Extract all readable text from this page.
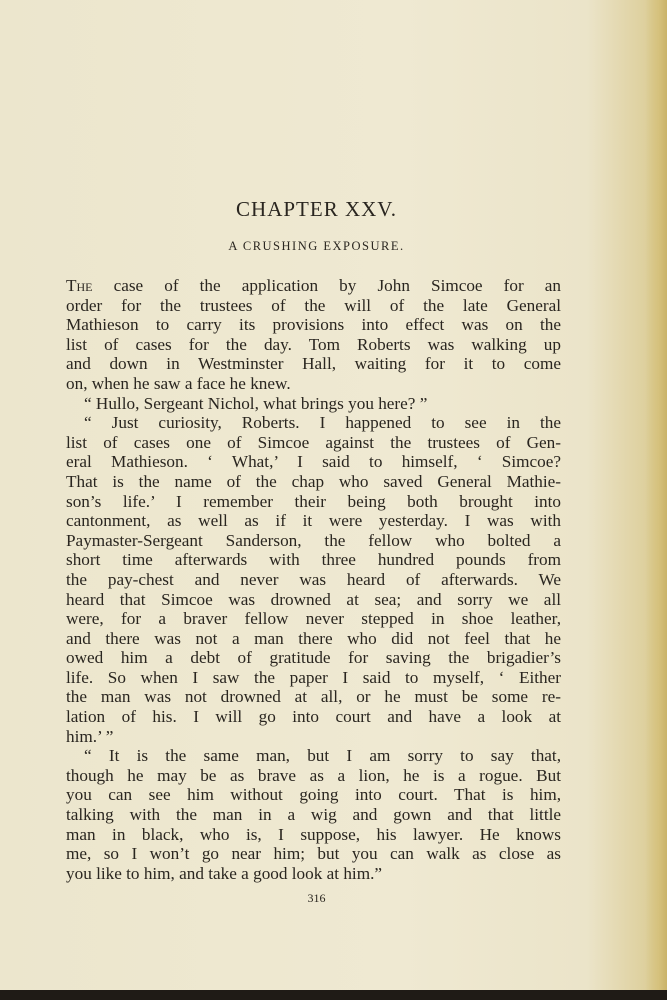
CHAPTER XXV.
A CRUSHING EXPOSURE.
The case of the application by John Simcoe for an
order for the trustees of the will of the late General
Mathieson to carry its provisions into effect was on the
list of cases for the day. Tom Roberts was walking up
and down in Westminster Hall, waiting for it to come
on, when he saw a face he knew.
“ Hullo, Sergeant Nichol, what brings you here? ”
“ Just curiosity, Roberts. I happened to see in the
list of cases one of Simcoe against the trustees of Gen-
eral Mathieson. ‘ What,’ I said to himself, ‘ Simcoe?
That is the name of the chap who saved General Mathie-
son’s life.’ I remember their being both brought into
cantonment, as well as if it were yesterday. I was with
Paymaster-Sergeant Sanderson, the fellow who bolted a
short time afterwards with three hundred pounds from
the pay-chest and never was heard of afterwards. We
heard that Simcoe was drowned at sea; and sorry we all
were, for a braver fellow never stepped in shoe leather,
and there was not a man there who did not feel that he
owed him a debt of gratitude for saving the brigadier’s
life. So when I saw the paper I said to myself, ‘ Either
the man was not drowned at all, or he must be some re-
lation of his. I will go into court and have a look at
him.’ ”
“ It is the same man, but I am sorry to say that,
though he may be as brave as a lion, he is a rogue. But
you can see him without going into court. That is him,
talking with the man in a wig and gown and that little
man in black, who is, I suppose, his lawyer. He knows
me, so I won’t go near him; but you can walk as close as
you like to him, and take a good look at him.”
316
